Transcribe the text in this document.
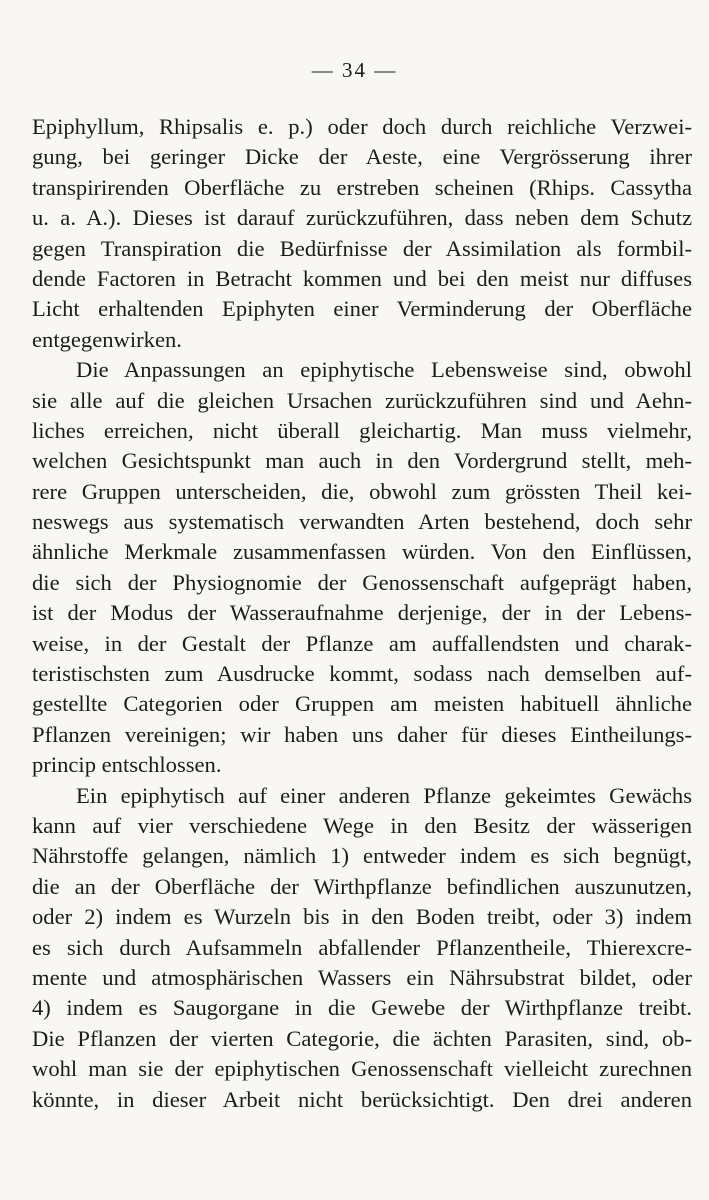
— 34 —
Epiphyllum, Rhipsalis e. p.) oder doch durch reichliche Verzwei-
gung, bei geringer Dicke der Aeste, eine Vergrösserung ihrer
transpirirenden Oberfläche zu erstreben scheinen (Rhips. Cassytha
u. a. A.). Dieses ist darauf zurückzuführen, dass neben dem Schutz
gegen Transpiration die Bedürfnisse der Assimilation als formbil-
dende Factoren in Betracht kommen und bei den meist nur diffuses
Licht erhaltenden Epiphyten einer Verminderung der Oberfläche
entgegenwirken.
Die Anpassungen an epiphytische Lebensweise sind, obwohl
sie alle auf die gleichen Ursachen zurückzuführen sind und Aehn-
liches erreichen, nicht überall gleichartig. Man muss vielmehr,
welchen Gesichtspunkt man auch in den Vordergrund stellt, meh-
rere Gruppen unterscheiden, die, obwohl zum grössten Theil kei-
neswegs aus systematisch verwandten Arten bestehend, doch sehr
ähnliche Merkmale zusammenfassen würden. Von den Einflüssen,
die sich der Physiognomie der Genossenschaft aufgeprägt haben,
ist der Modus der Wasseraufnahme derjenige, der in der Lebens-
weise, in der Gestalt der Pflanze am auffallendsten und charak-
teristischsten zum Ausdrucke kommt, sodass nach demselben auf-
gestellte Categorien oder Gruppen am meisten habituell ähnliche
Pflanzen vereinigen; wir haben uns daher für dieses Eintheilungs-
princip entschlossen.
Ein epiphytisch auf einer anderen Pflanze gekeimtes Gewächs
kann auf vier verschiedene Wege in den Besitz der wässerigen
Nährstoffe gelangen, nämlich 1) entweder indem es sich begnügt,
die an der Oberfläche der Wirthpflanze befindlichen auszunutzen,
oder 2) indem es Wurzeln bis in den Boden treibt, oder 3) indem
es sich durch Aufsammeln abfallender Pflanzentheile, Thierexcre-
mente und atmosphärischen Wassers ein Nährsubstrat bildet, oder
4) indem es Saugorgane in die Gewebe der Wirthpflanze treibt.
Die Pflanzen der vierten Categorie, die ächten Parasiten, sind, ob-
wohl man sie der epiphytischen Genossenschaft vielleicht zurechnen
könnte, in dieser Arbeit nicht berücksichtigt. Den drei anderen
